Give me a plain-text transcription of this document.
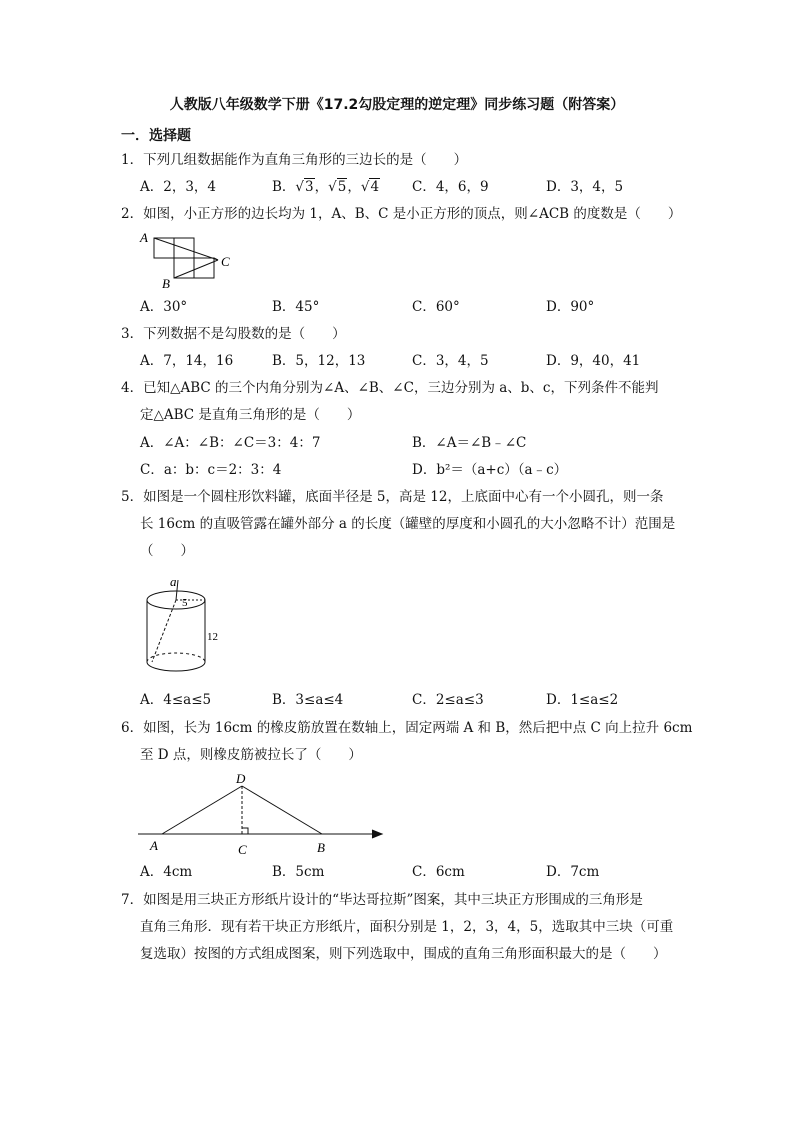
人教版八年级数学下册《17.2勾股定理的逆定理》同步练习题（附答案）
一．选择题
1．下列几组数据能作为直角三角形的三边长的是（　　）
A．2，3，4	B．√3，√5，√4 C．4，6，9	D．3，4，5
2．如图，小正方形的边长均为 1，A、B、C 是小正方形的顶点，则∠ACB 的度数是（　　）
A
B
C
A．30°	B．45°	C．60°	D．90°
3．下列数据不是勾股数的是（　　）
A．7，14，16	B．5，12，13	C．3，4，5	D．9，40，41
4．已知△ABC 的三个内角分别为∠A、∠B、∠C，三边分别为 a、b、c，下列条件不能判
定△ABC 是直角三角形的是（　　）
A．∠A：∠B：∠C＝3：4：7	B．∠A＝∠B﹣∠C
C．a：b：c＝2：3：4	D．b²＝（a+c）（a﹣c）
5．如图是一个圆柱形饮料罐，底面半径是 5，高是 12，上底面中心有一个小圆孔，则一条
长 16cm 的直吸管露在罐外部分 a 的长度（罐壁的厚度和小圆孔的大小忽略不计）范围是
（　　）
a
5
12
A．4≤a≤5	B．3≤a≤4	C．2≤a≤3	D．1≤a≤2
6．如图，长为 16cm 的橡皮筋放置在数轴上，固定两端 A 和 B，然后把中点 C 向上拉升 6cm
至 D 点，则橡皮筋被拉长了（　　）
D
A	C	B
A．4cm	B．5cm	C．6cm	D．7cm
7．如图是用三块正方形纸片设计的“毕达哥拉斯”图案，其中三块正方形围成的三角形是
直角三角形．现有若干块正方形纸片，面积分别是 1，2，3，4，5，选取其中三块（可重
复选取）按图的方式组成图案，则下列选取中，围成的直角三角形面积最大的是（　　）
